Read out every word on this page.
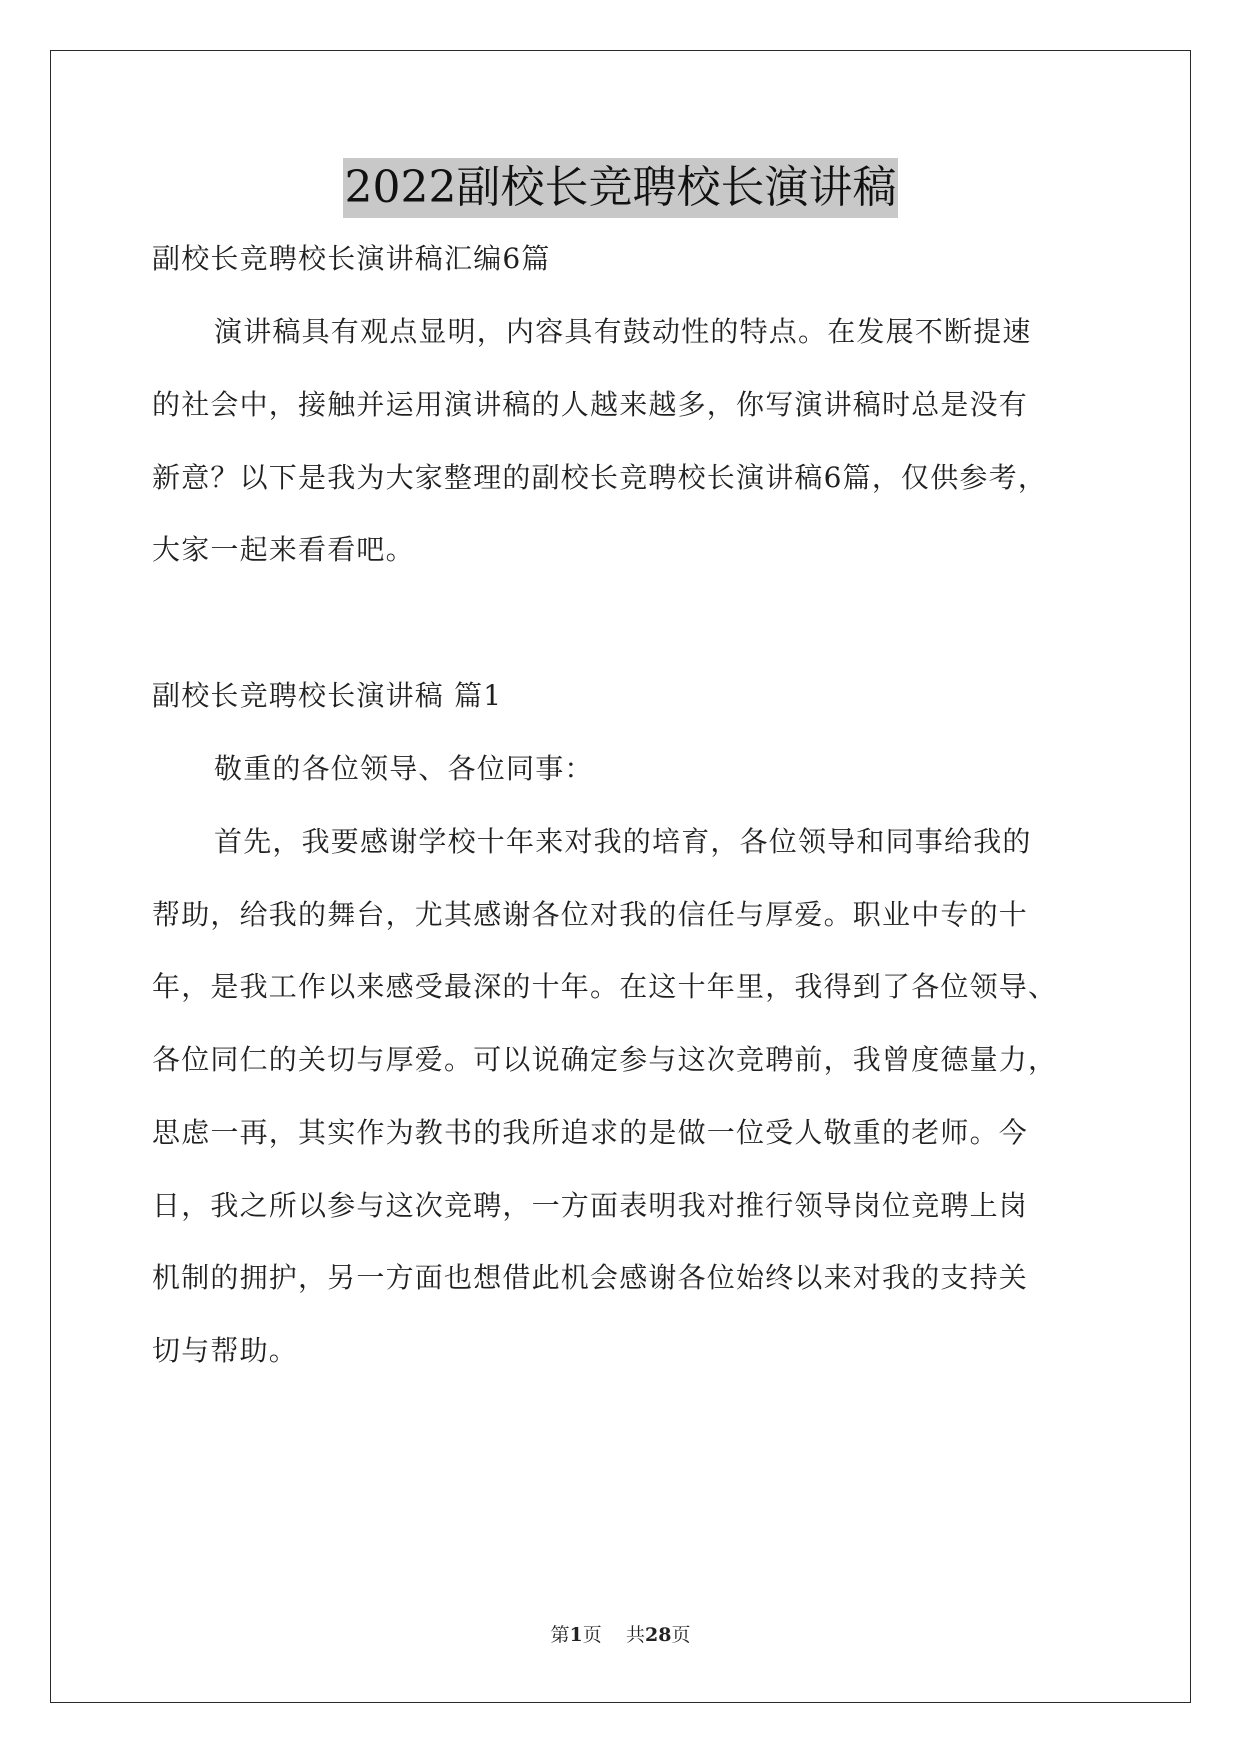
2022副校长竞聘校长演讲稿
副校长竞聘校长演讲稿汇编6篇
演讲稿具有观点显明，内容具有鼓动性的特点。在发展不断提速
的社会中，接触并运用演讲稿的人越来越多，你写演讲稿时总是没有
新意？以下是我为大家整理的副校长竞聘校长演讲稿6篇，仅供参考，
大家一起来看看吧。
副校长竞聘校长演讲稿 篇1
敬重的各位领导、各位同事：
首先，我要感谢学校十年来对我的培育，各位领导和同事给我的
帮助，给我的舞台，尤其感谢各位对我的信任与厚爱。职业中专的十
年，是我工作以来感受最深的十年。在这十年里，我得到了各位领导、
各位同仁的关切与厚爱。可以说确定参与这次竞聘前，我曾度德量力，
思虑一再，其实作为教书的我所追求的是做一位受人敬重的老师。今
日，我之所以参与这次竞聘，一方面表明我对推行领导岗位竞聘上岗
机制的拥护，另一方面也想借此机会感谢各位始终以来对我的支持关
切与帮助。
第1页 共28页
